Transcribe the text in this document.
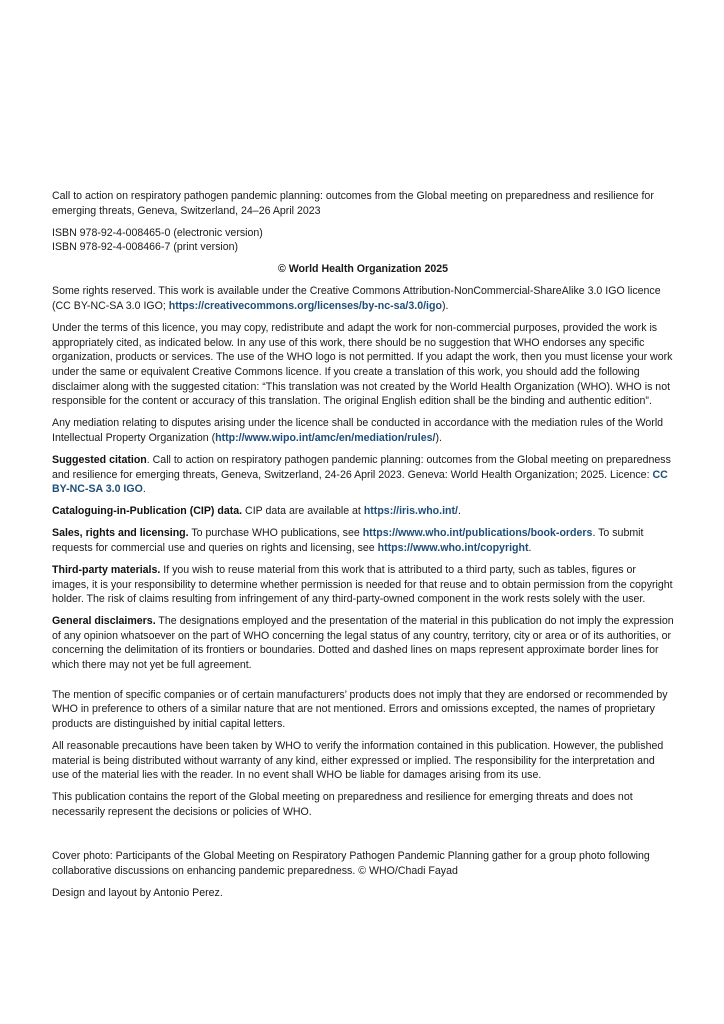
Call to action on respiratory pathogen pandemic planning: outcomes from the Global meeting on preparedness and resilience for emerging threats, Geneva, Switzerland, 24–26 April 2023

ISBN 978-92-4-008465-0 (electronic version)
ISBN 978-92-4-008466-7 (print version)

© World Health Organization 2025

Some rights reserved. This work is available under the Creative Commons Attribution-NonCommercial-ShareAlike 3.0 IGO licence (CC BY-NC-SA 3.0 IGO; https://creativecommons.org/licenses/by-nc-sa/3.0/igo).

Under the terms of this licence, you may copy, redistribute and adapt the work for non-commercial purposes, provided the work is appropriately cited, as indicated below. In any use of this work, there should be no suggestion that WHO endorses any specific organization, products or services. The use of the WHO logo is not permitted. If you adapt the work, then you must license your work under the same or equivalent Creative Commons licence. If you create a translation of this work, you should add the following disclaimer along with the suggested citation: “This translation was not created by the World Health Organization (WHO). WHO is not responsible for the content or accuracy of this translation. The original English edition shall be the binding and authentic edition”.

Any mediation relating to disputes arising under the licence shall be conducted in accordance with the mediation rules of the World Intellectual Property Organization (http://www.wipo.int/amc/en/mediation/rules/).

Suggested citation. Call to action on respiratory pathogen pandemic planning: outcomes from the Global meeting on preparedness and resilience for emerging threats, Geneva, Switzerland, 24-26 April 2023. Geneva: World Health Organization; 2025. Licence: CC BY-NC-SA 3.0 IGO.

Cataloguing-in-Publication (CIP) data. CIP data are available at https://iris.who.int/.

Sales, rights and licensing. To purchase WHO publications, see https://www.who.int/publications/book-orders. To submit requests for commercial use and queries on rights and licensing, see https://www.who.int/copyright.

Third-party materials. If you wish to reuse material from this work that is attributed to a third party, such as tables, figures or images, it is your responsibility to determine whether permission is needed for that reuse and to obtain permission from the copyright holder. The risk of claims resulting from infringement of any third-party-owned component in the work rests solely with the user.

General disclaimers. The designations employed and the presentation of the material in this publication do not imply the expression of any opinion whatsoever on the part of WHO concerning the legal status of any country, territory, city or area or of its authorities, or concerning the delimitation of its frontiers or boundaries. Dotted and dashed lines on maps represent approximate border lines for which there may not yet be full agreement.

The mention of specific companies or of certain manufacturers’ products does not imply that they are endorsed or recommended by WHO in preference to others of a similar nature that are not mentioned. Errors and omissions excepted, the names of proprietary products are distinguished by initial capital letters.

All reasonable precautions have been taken by WHO to verify the information contained in this publication. However, the published material is being distributed without warranty of any kind, either expressed or implied. The responsibility for the interpretation and use of the material lies with the reader. In no event shall WHO be liable for damages arising from its use.

This publication contains the report of the Global meeting on preparedness and resilience for emerging threats and does not necessarily represent the decisions or policies of WHO.

Cover photo: Participants of the Global Meeting on Respiratory Pathogen Pandemic Planning gather for a group photo following collaborative discussions on enhancing pandemic preparedness. © WHO/Chadi Fayad

Design and layout by Antonio Perez.
